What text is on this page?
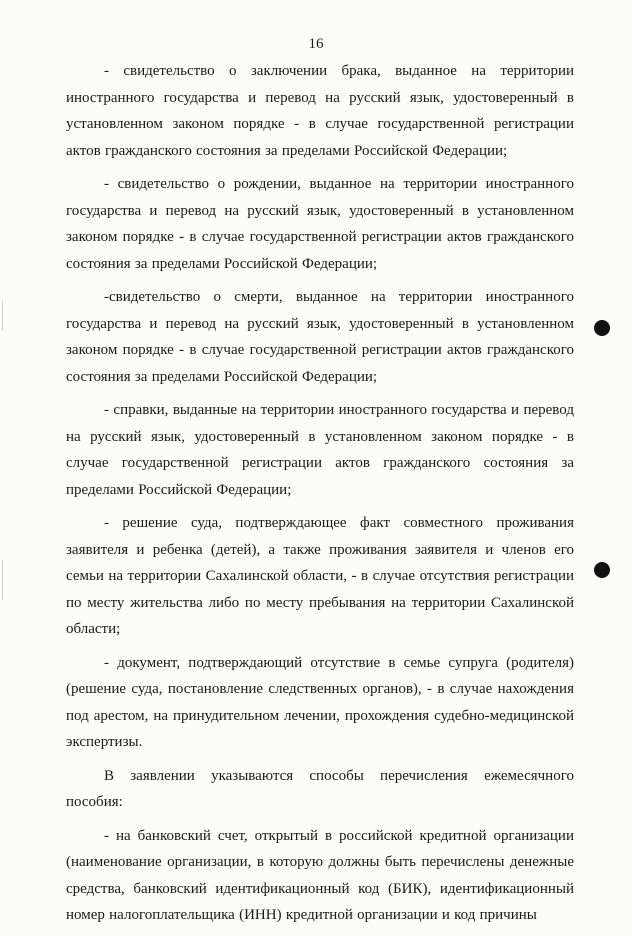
16

- свидетельство о заключении брака, выданное на территории иностранного государства и перевод на русский язык, удостоверенный в установленном законом порядке - в случае государственной регистрации актов гражданского состояния за пределами Российской Федерации;

- свидетельство о рождении, выданное на территории иностранного государства и перевод на русский язык, удостоверенный в установленном законом порядке - в случае государственной регистрации актов гражданского состояния за пределами Российской Федерации;

-свидетельство о смерти, выданное на территории иностранного государства и перевод на русский язык, удостоверенный в установленном законом порядке - в случае государственной регистрации актов гражданского состояния за пределами Российской Федерации;

- справки, выданные на территории иностранного государства и перевод на русский язык, удостоверенный в установленном законом порядке - в случае государственной регистрации актов гражданского состояния за пределами Российской Федерации;

- решение суда, подтверждающее факт совместного проживания заявителя и ребенка (детей), а также проживания заявителя и членов его семьи на территории Сахалинской области, - в случае отсутствия регистрации по месту жительства либо по месту пребывания на территории Сахалинской области;

- документ, подтверждающий отсутствие в семье супруга (родителя) (решение суда, постановление следственных органов), - в случае нахождения под арестом, на принудительном лечении, прохождения судебно-медицинской экспертизы.

В заявлении указываются способы перечисления ежемесячного пособия:

- на банковский счет, открытый в российской кредитной организации (наименование организации, в которую должны быть перечислены денежные средства, банковский идентификационный код (БИК), идентификационный номер налогоплательщика (ИНН) кредитной организации и код причины
